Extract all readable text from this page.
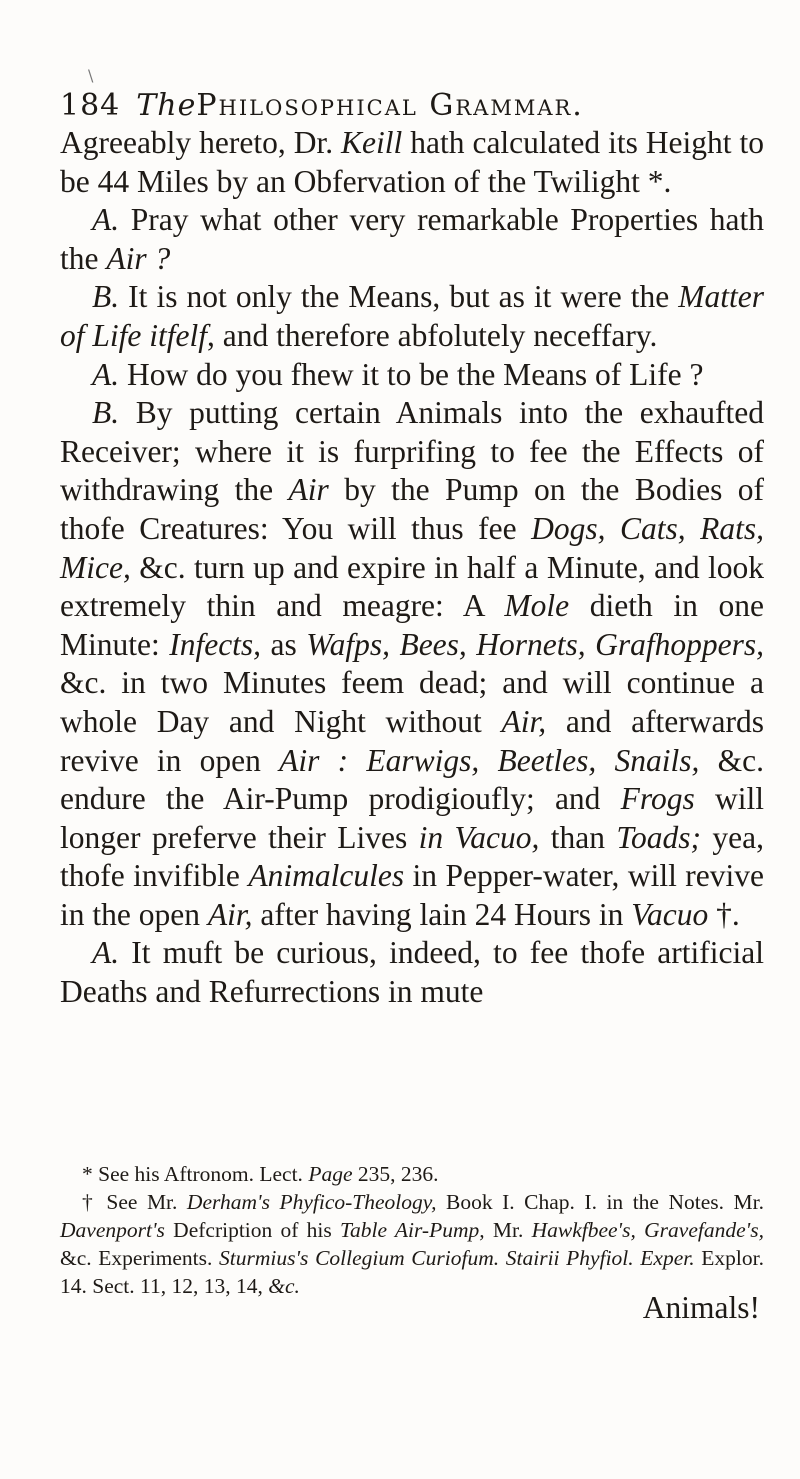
\
184 ThePhilosophical Grammar.

Agreeably hereto, Dr. Keill hath calculated its Height to be 44 Miles by an Obfervation of the Twilight *.

A. Pray what other very remarkable Properties hath the Air ?

B. It is not only the Means, but as it were the Matter of Life itfelf, and therefore abfolutely neceffary.

A. How do you fhew it to be the Means of Life ?

B. By putting certain Animals into the exhaufted Receiver; where it is furprifing to fee the Effects of withdrawing the Air by the Pump on the Bodies of thofe Creatures: You will thus fee Dogs, Cats, Rats, Mice, &c. turn up and expire in half a Minute, and look extremely thin and meagre: A Mole dieth in one Minute: Infects, as Wafps, Bees, Hornets, Grafhoppers, &c. in two Minutes feem dead; and will continue a whole Day and Night without Air, and afterwards revive in open Air : Earwigs, Beetles, Snails, &c. endure the Air-Pump prodigioufly; and Frogs will longer preferve their Lives in Vacuo, than Toads; yea, thofe invifible Animalcules in Pepper-water, will revive in the open Air, after having lain 24 Hours in Vacuo †.

A. It muft be curious, indeed, to fee thofe artificial Deaths and Refurrections in mute

* See his Aftronom. Lect. Page 235, 236.

† See Mr. Derham's Phyfico-Theology, Book I. Chap. I. in the Notes. Mr. Davenport's Defcription of his Table Air-Pump, Mr. Hawkfbee's, Gravefande's, &c. Experiments. Sturmius's Collegium Curiofum. Stairii Phyfiol. Exper. Explor. 14. Sect. 11, 12, 13, 14, &c.

Animals!
